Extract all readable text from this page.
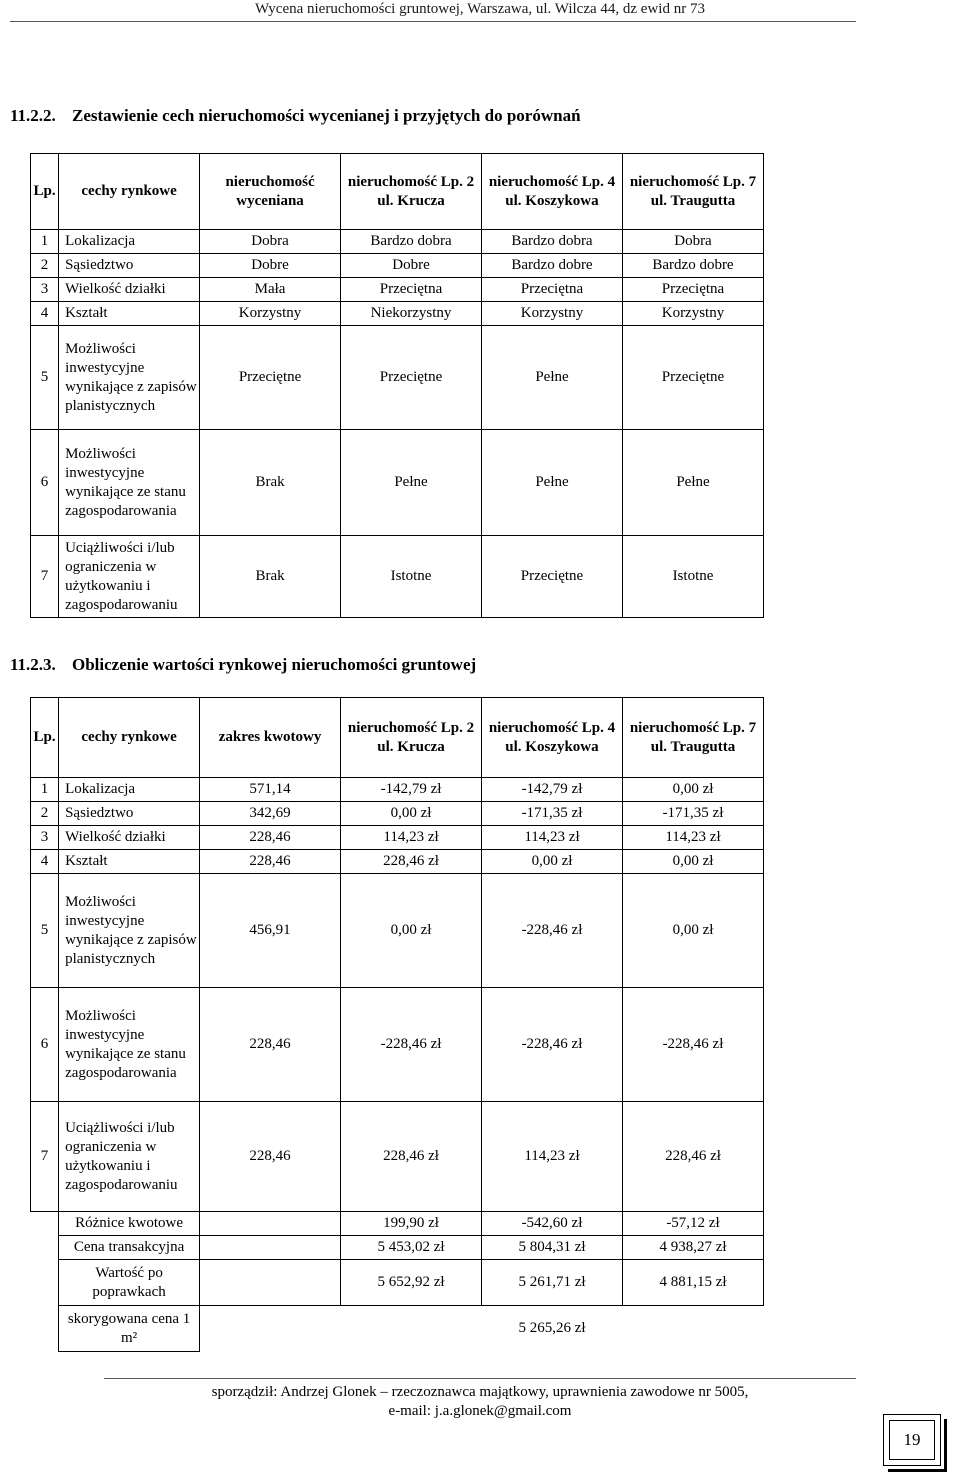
Wycena nieruchomości gruntowej, Warszawa, ul. Wilcza 44, dz ewid nr 73
11.2.2. Zestawienie cech nieruchomości wycenianej i przyjętych do porównań
Lp.	cechy rynkowe	nieruchomość wyceniana	nieruchomość Lp. 2 ul. Krucza	nieruchomość Lp. 4 ul. Koszykowa	nieruchomość Lp. 7 ul. Traugutta
1	Lokalizacja	Dobra	Bardzo dobra	Bardzo dobra	Dobra
2	Sąsiedztwo	Dobre	Dobre	Bardzo dobre	Bardzo dobre
3	Wielkość działki	Mała	Przeciętna	Przeciętna	Przeciętna
4	Kształt	Korzystny	Niekorzystny	Korzystny	Korzystny
5	Możliwości inwestycyjne wynikające z zapisów planistycznych	Przeciętne	Przeciętne	Pełne	Przeciętne
6	Możliwości inwestycyjne wynikające ze stanu zagospodarowania	Brak	Pełne	Pełne	Pełne
7	Uciążliwości i/lub ograniczenia w użytkowaniu i zagospodarowaniu	Brak	Istotne	Przeciętne	Istotne
11.2.3. Obliczenie wartości rynkowej nieruchomości gruntowej
Lp.	cechy rynkowe	zakres kwotowy	nieruchomość Lp. 2 ul. Krucza	nieruchomość Lp. 4 ul. Koszykowa	nieruchomość Lp. 7 ul. Traugutta
1	Lokalizacja	571,14	-142,79 zł	-142,79 zł	0,00 zł
2	Sąsiedztwo	342,69	0,00 zł	-171,35 zł	-171,35 zł
3	Wielkość działki	228,46	114,23 zł	114,23 zł	114,23 zł
4	Kształt	228,46	228,46 zł	0,00 zł	0,00 zł
5	Możliwości inwestycyjne wynikające z zapisów planistycznych	456,91	0,00 zł	-228,46 zł	0,00 zł
6	Możliwości inwestycyjne wynikające ze stanu zagospodarowania	228,46	-228,46 zł	-228,46 zł	-228,46 zł
7	Uciążliwości i/lub ograniczenia w użytkowaniu i zagospodarowaniu	228,46	228,46 zł	114,23 zł	228,46 zł
	Różnice kwotowe		199,90 zł	-542,60 zł	-57,12 zł
	Cena transakcyjna		5 453,02 zł	5 804,31 zł	4 938,27 zł
	Wartość po poprawkach		5 652,92 zł	5 261,71 zł	4 881,15 zł
	skorygowana cena 1 m²			5 265,26 zł	
sporządził: Andrzej Glonek – rzeczoznawca majątkowy, uprawnienia zawodowe nr 5005,
e-mail: j.a.glonek@gmail.com
19
